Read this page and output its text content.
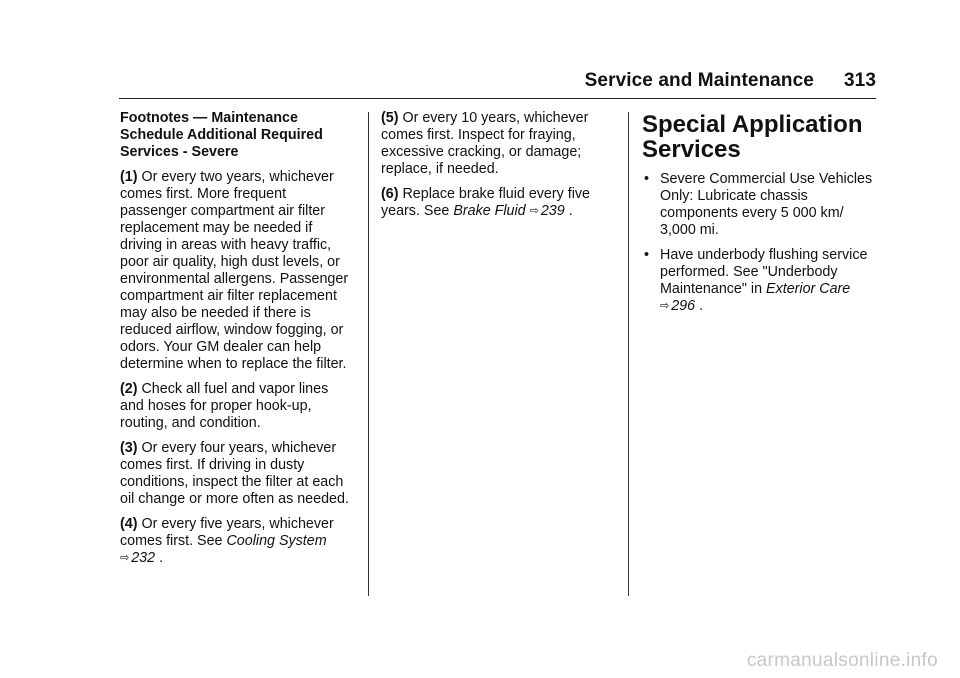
Service and Maintenance 313
Footnotes — Maintenance
Schedule Additional Required
Services - Severe

(1) Or every two years, whichever comes first. More frequent passenger compartment air filter replacement may be needed if driving in areas with heavy traffic, poor air quality, high dust levels, or environmental allergens. Passenger compartment air filter replacement may also be needed if there is reduced airflow, window fogging, or odors. Your GM dealer can help determine when to replace the filter.

(2) Check all fuel and vapor lines and hoses for proper hook-up, routing, and condition.

(3) Or every four years, whichever comes first. If driving in dusty conditions, inspect the filter at each oil change or more often as needed.

(4) Or every five years, whichever comes first. See Cooling System
⇨ 232 .

(5) Or every 10 years, whichever comes first. Inspect for fraying, excessive cracking, or damage; replace, if needed.

(6) Replace brake fluid every five years. See Brake Fluid ⇨ 239 .

Special Application
Services
• Severe Commercial Use Vehicles Only: Lubricate chassis components every 5 000 km/ 3,000 mi.
• Have underbody flushing service performed. See "Underbody Maintenance" in Exterior Care
⇨ 296 .
carmanualsonline.info
